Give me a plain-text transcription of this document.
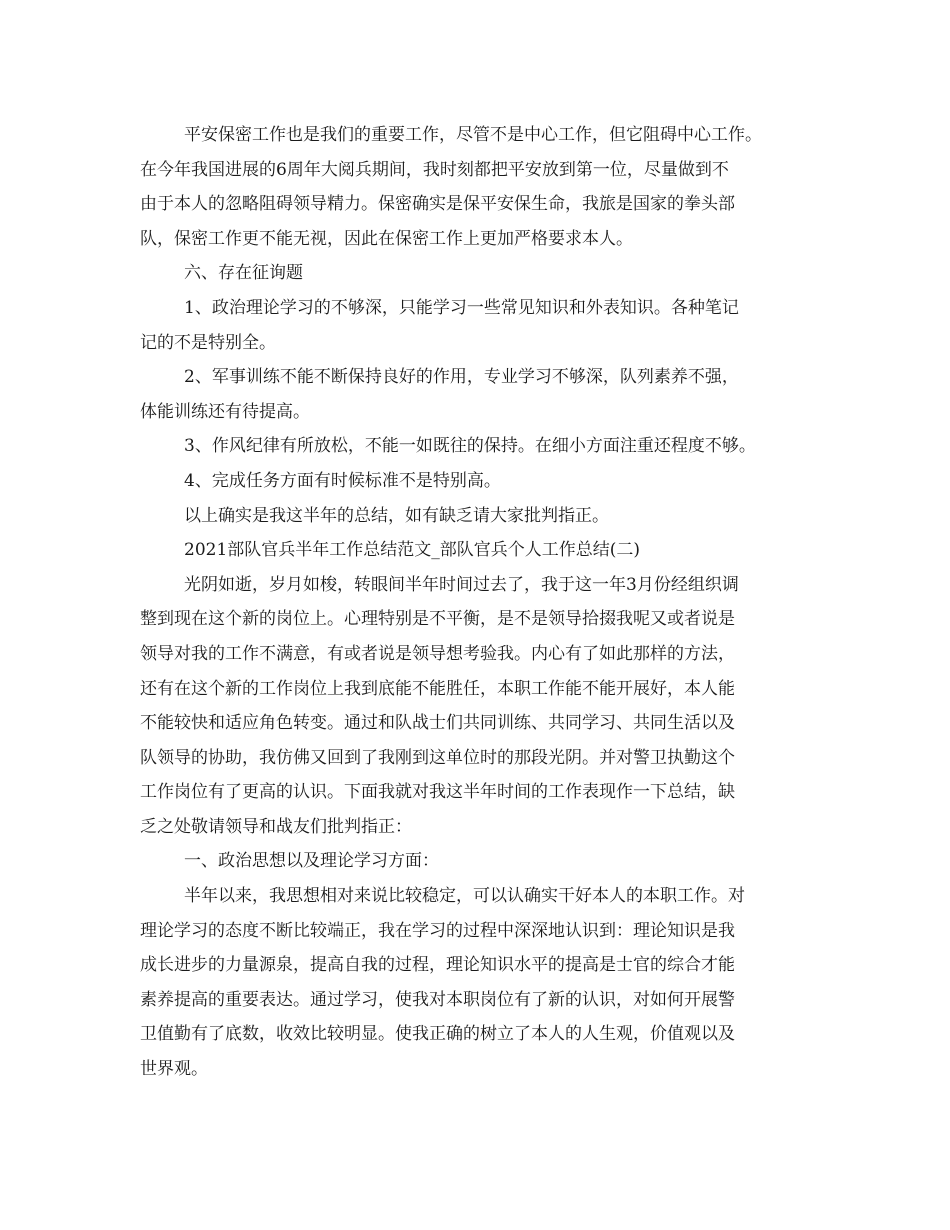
平安保密工作也是我们的重要工作，尽管不是中心工作，但它阻碍中心工作。
在今年我国进展的6周年大阅兵期间，我时刻都把平安放到第一位，尽量做到不
由于本人的忽略阻碍领导精力。保密确实是保平安保生命，我旅是国家的拳头部
队，保密工作更不能无视，因此在保密工作上更加严格要求本人。
六、存在征询题
1、政治理论学习的不够深，只能学习一些常见知识和外表知识。各种笔记
记的不是特别全。
2、军事训练不能不断保持良好的作用，专业学习不够深，队列素养不强，
体能训练还有待提高。
3、作风纪律有所放松，不能一如既往的保持。在细小方面注重还程度不够。
4、完成任务方面有时候标准不是特别高。
以上确实是我这半年的总结，如有缺乏请大家批判指正。
2021部队官兵半年工作总结范文_部队官兵个人工作总结(二)
光阴如逝，岁月如梭，转眼间半年时间过去了，我于这一年3月份经组织调
整到现在这个新的岗位上。心理特别是不平衡，是不是领导拾掇我呢又或者说是
领导对我的工作不满意，有或者说是领导想考验我。内心有了如此那样的方法，
还有在这个新的工作岗位上我到底能不能胜任，本职工作能不能开展好，本人能
不能较快和适应角色转变。通过和队战士们共同训练、共同学习、共同生活以及
队领导的协助，我仿佛又回到了我刚到这单位时的那段光阴。并对警卫执勤这个
工作岗位有了更高的认识。下面我就对我这半年时间的工作表现作一下总结，缺
乏之处敬请领导和战友们批判指正：
一、政治思想以及理论学习方面：
半年以来，我思想相对来说比较稳定，可以认确实干好本人的本职工作。对
理论学习的态度不断比较端正，我在学习的过程中深深地认识到：理论知识是我
成长进步的力量源泉，提高自我的过程，理论知识水平的提高是士官的综合才能
素养提高的重要表达。通过学习，使我对本职岗位有了新的认识，对如何开展警
卫值勤有了底数，收效比较明显。使我正确的树立了本人的人生观，价值观以及
世界观。
